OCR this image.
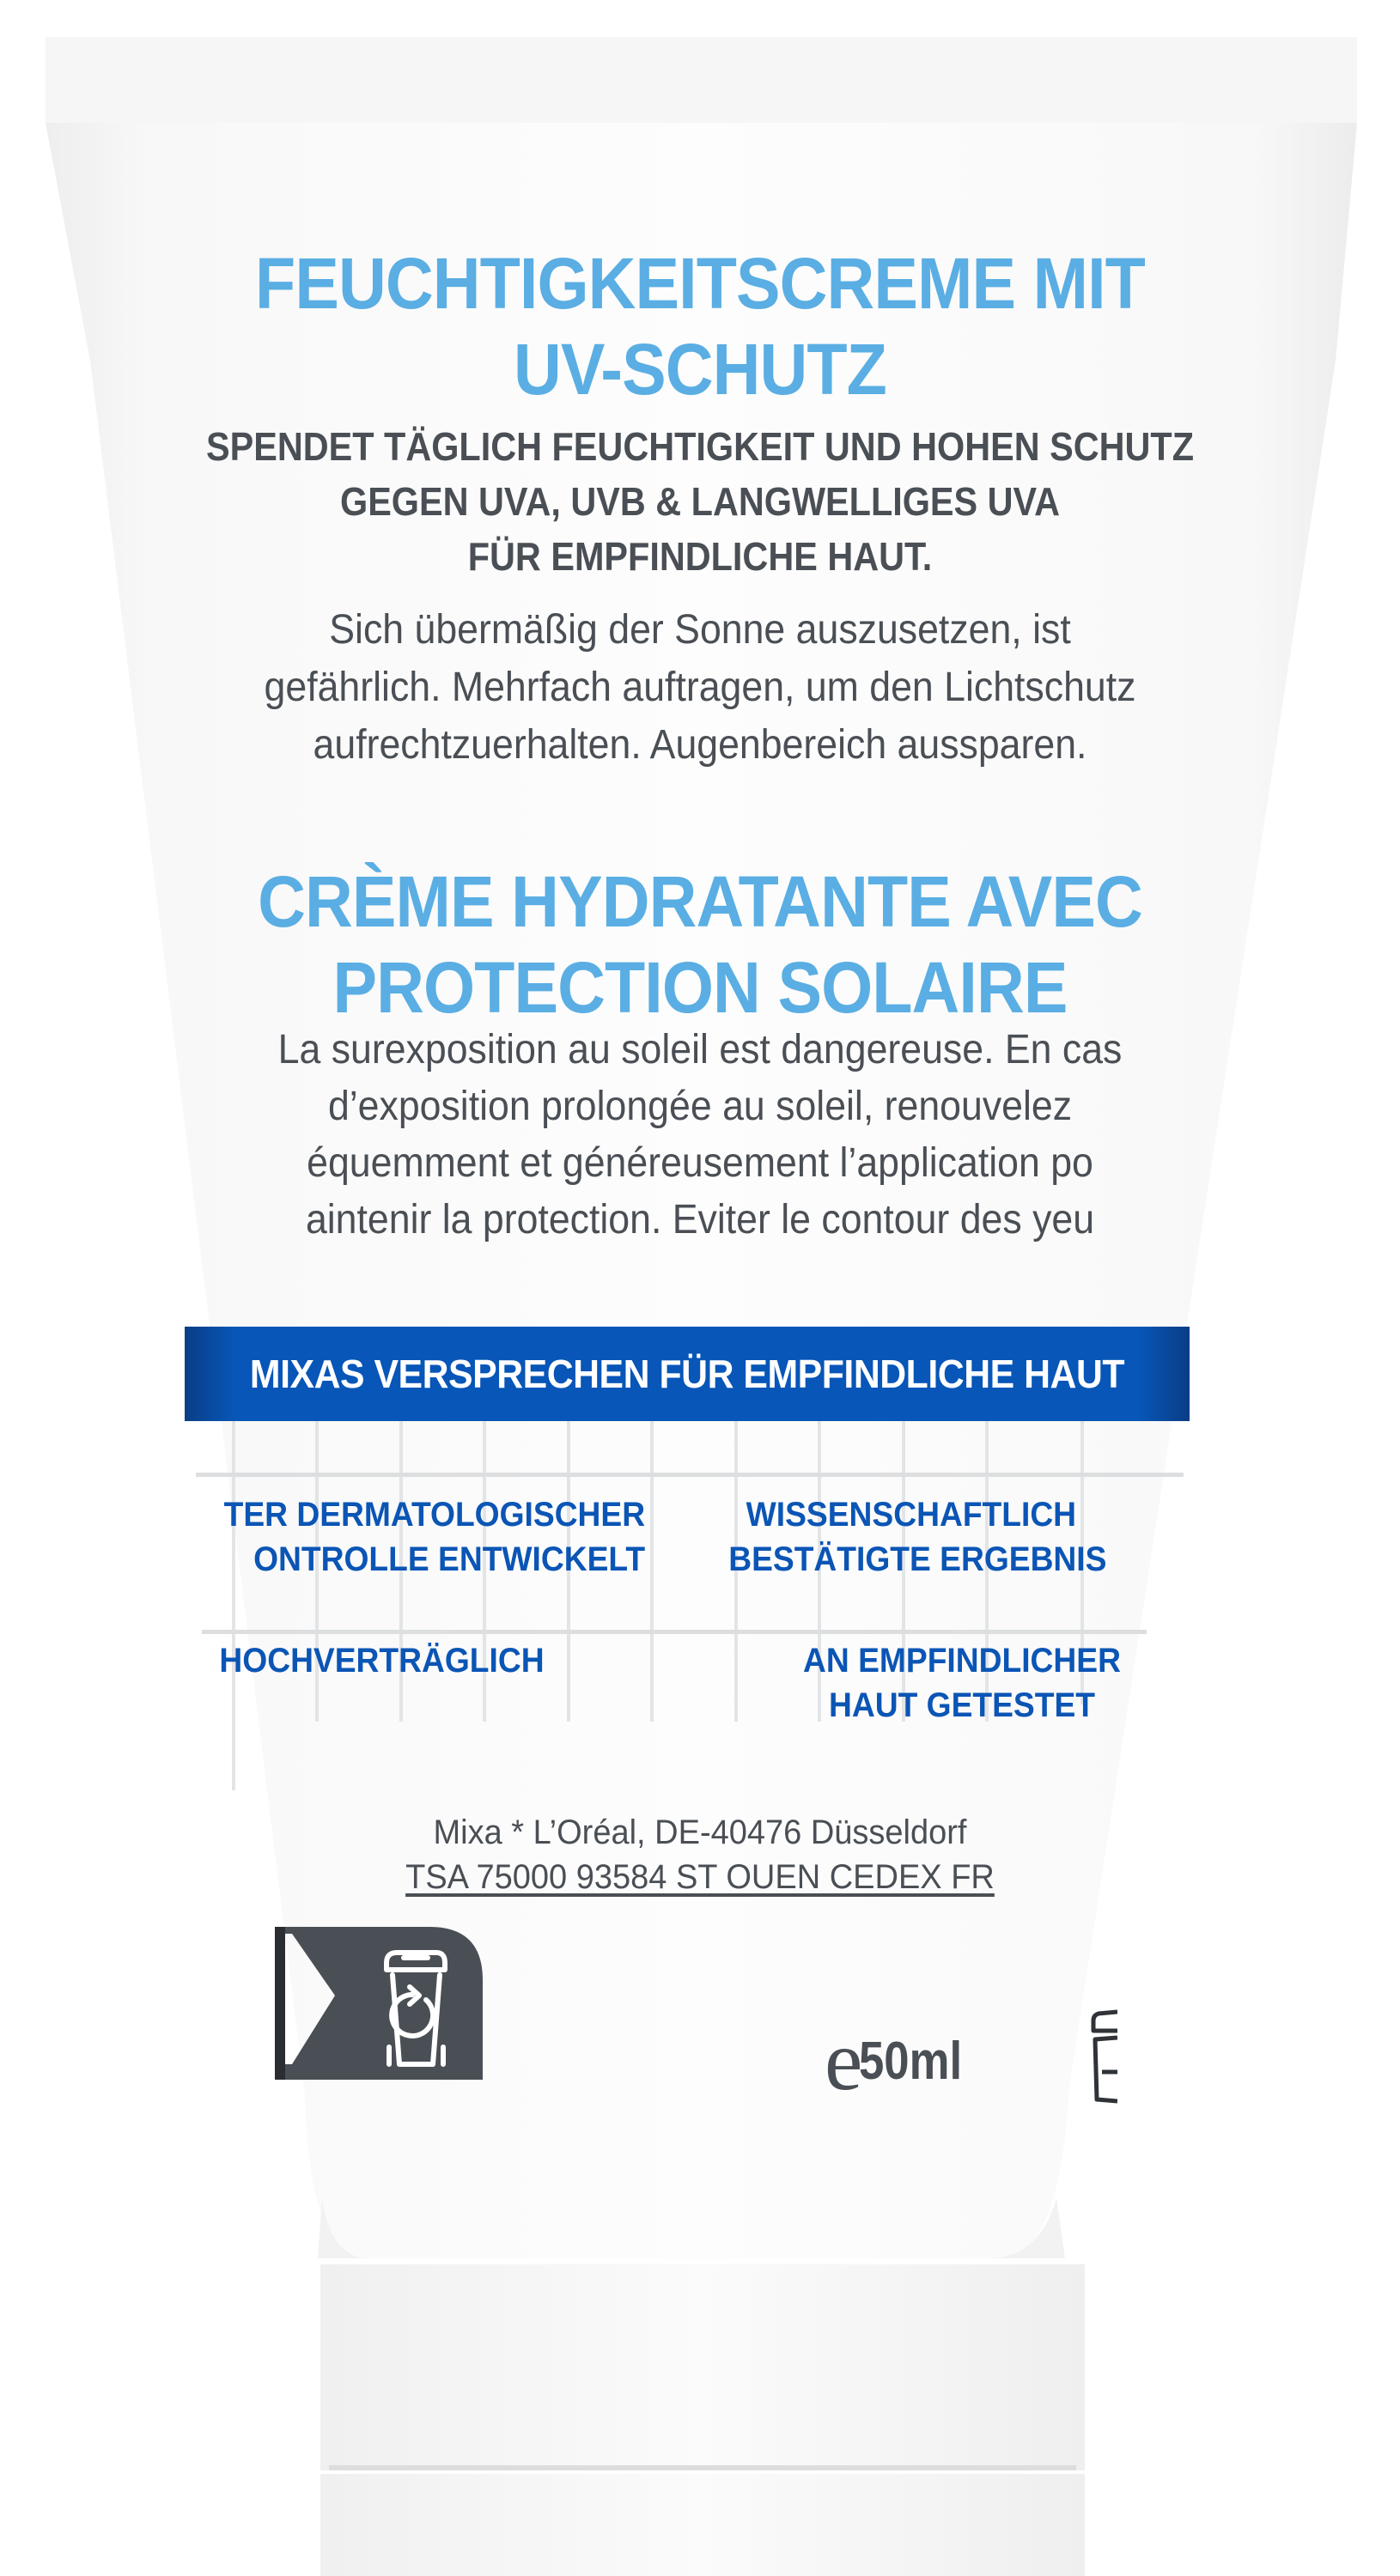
FEUCHTIGKEITSCREME MIT
UV-SCHUTZ
SPENDET TÄGLICH FEUCHTIGKEIT UND HOHEN SCHUTZ
GEGEN UVA, UVB & LANGWELLIGES UVA
FÜR EMPFINDLICHE HAUT.
Sich übermäßig der Sonne auszusetzen, ist
gefährlich. Mehrfach auftragen, um den Lichtschutz
aufrechtzuerhalten. Augenbereich aussparen.
CRÈME HYDRATANTE AVEC
PROTECTION SOLAIRE
La surexposition au soleil est dangereuse. En cas
d’exposition prolongée au soleil, renouvelez
équemment et généreusement l’application po
aintenir la protection. Eviter le contour des yeu
MIXAS VERSPRECHEN FÜR EMPFINDLICHE HAUT
TER DERMATOLOGISCHER
ONTROLLE ENTWICKELT
WISSENSCHAFTLICH
BESTÄTIGTE ERGEBNIS
HOCHVERTRÄGLICH	AN EMPFINDLICHER
HAUT GETESTET
Mixa * L’Oréal, DE-40476 Düsseldorf
TSA 75000 93584 ST OUEN CEDEX FR
e50ml
